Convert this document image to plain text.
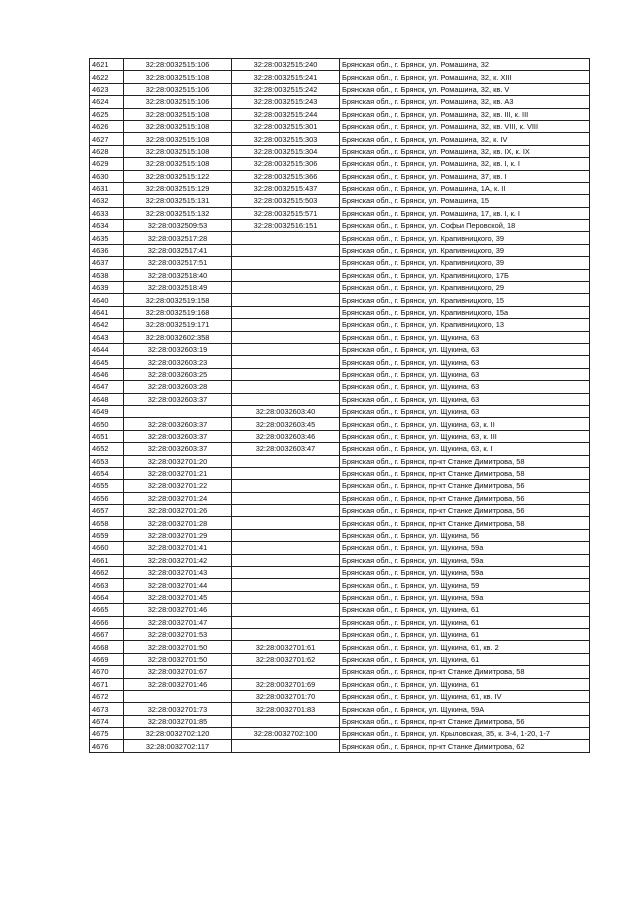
4621	32:28:0032515:106	32:28:0032515:240	Брянская обл., г. Брянск, ул. Ромашина, 32
4622	32:28:0032515:108	32:28:0032515:241	Брянская обл., г. Брянск, ул. Ромашина, 32, к. XIII
4623	32:28:0032515:106	32:28:0032515:242	Брянская обл., г. Брянск, ул. Ромашина, 32, кв. V
4624	32:28:0032515:106	32:28:0032515:243	Брянская обл., г. Брянск, ул. Ромашина, 32, кв. A3
4625	32:28:0032515:108	32:28:0032515:244	Брянская обл., г. Брянск, ул. Ромашина, 32, кв. III, к. III
4626	32:28:0032515:108	32:28:0032515:301	Брянская обл., г. Брянск, ул. Ромашина, 32, кв. VIII, к. VIII
4627	32:28:0032515:108	32:28:0032515:303	Брянская обл., г. Брянск, ул. Ромашина, 32, к. IV
4628	32:28:0032515:108	32:28:0032515:304	Брянская обл., г. Брянск, ул. Ромашина, 32, кв. IX, к. IX
4629	32:28:0032515:108	32:28:0032515:306	Брянская обл., г. Брянск, ул. Ромашина, 32, кв. I, к. I
4630	32:28:0032515:122	32:28:0032515:366	Брянская обл., г. Брянск, ул. Ромашина, 37, кв. I
4631	32:28:0032515:129	32:28:0032515:437	Брянская обл., г. Брянск, ул. Ромашина, 1А, к. II
4632	32:28:0032515:131	32:28:0032515:503	Брянская обл., г. Брянск, ул. Ромашина, 15
4633	32:28:0032515:132	32:28:0032515:571	Брянская обл., г. Брянск, ул. Ромашина, 17, кв. I, к. I
4634	32:28:0032509:53	32:28:0032516:151	Брянская обл., г. Брянск, ул. Софьи Перовской, 18
4635	32:28:0032517:28		Брянская обл., г. Брянск, ул. Крапивницкого, 39
4636	32:28:0032517:41		Брянская обл., г. Брянск, ул. Крапивницкого, 39
4637	32:28:0032517:51		Брянская обл., г. Брянск, ул. Крапивницкого, 39
4638	32:28:0032518:40		Брянская обл., г. Брянск, ул. Крапивницкого, 17Б
4639	32:28:0032518:49		Брянская обл., г. Брянск, ул. Крапивницкого, 29
4640	32:28:0032519:158		Брянская обл., г. Брянск, ул. Крапивницкого, 15
4641	32:28:0032519:168		Брянская обл., г. Брянск, ул. Крапивницкого, 15а
4642	32:28:0032519:171		Брянская обл., г. Брянск, ул. Крапивницкого, 13
4643	32:28:0032602:358		Брянская обл., г. Брянск, ул. Щукина, 63
4644	32:28:0032603:19		Брянская обл., г. Брянск, ул. Щукина, 63
4645	32:28:0032603:23		Брянская обл., г. Брянск, ул. Щукина, 63
4646	32:28:0032603:25		Брянская обл., г. Брянск, ул. Щукина, 63
4647	32:28:0032603:28		Брянская обл., г. Брянск, ул. Щукина, 63
4648	32:28:0032603:37		Брянская обл., г. Брянск, ул. Щукина, 63
4649		32:28:0032603:40	Брянская обл., г. Брянск, ул. Щукина, 63
4650	32:28:0032603:37	32:28:0032603:45	Брянская обл., г. Брянск, ул. Щукина, 63, к. II
4651	32:28:0032603:37	32:28:0032603:46	Брянская обл., г. Брянск, ул. Щукина, 63, к. III
4652	32:28:0032603:37	32:28:0032603:47	Брянская обл., г. Брянск, ул. Щукина, 63, к. I
4653	32:28:0032701:20		Брянская обл., г. Брянск, пр-кт Станке Димитрова, 58
4654	32:28:0032701:21		Брянская обл., г. Брянск, пр-кт Станке Димитрова, 58
4655	32:28:0032701:22		Брянская обл., г. Брянск, пр-кт Станке Димитрова, 56
4656	32:28:0032701:24		Брянская обл., г. Брянск, пр-кт Станке Димитрова, 56
4657	32:28:0032701:26		Брянская обл., г. Брянск, пр-кт Станке Димитрова, 56
4658	32:28:0032701:28		Брянская обл., г. Брянск, пр-кт Станке Димитрова, 58
4659	32:28:0032701:29		Брянская обл., г. Брянск, ул. Щукина, 56
4660	32:28:0032701:41		Брянская обл., г. Брянск, ул. Щукина, 59а
4661	32:28:0032701:42		Брянская обл., г. Брянск, ул. Щукина, 59а
4662	32:28:0032701:43		Брянская обл., г. Брянск, ул. Щукина, 59а
4663	32:28:0032701:44		Брянская обл., г. Брянск, ул. Щукина, 59
4664	32:28:0032701:45		Брянская обл., г. Брянск, ул. Щукина, 59а
4665	32:28:0032701:46		Брянская обл., г. Брянск, ул. Щукина, 61
4666	32:28:0032701:47		Брянская обл., г. Брянск, ул. Щукина, 61
4667	32:28:0032701:53		Брянская обл., г. Брянск, ул. Щукина, 61
4668	32:28:0032701:50	32:28:0032701:61	Брянская обл., г. Брянск, ул. Щукина, 61, кв. 2
4669	32:28:0032701:50	32:28:0032701:62	Брянская обл., г. Брянск, ул. Щукина, 61
4670	32:28:0032701:67		Брянская обл., г. Брянск, пр-кт Станке Димитрова, 58
4671	32:28:0032701:46	32:28:0032701:69	Брянская обл., г. Брянск, ул. Щукина, 61
4672		32:28:0032701:70	Брянская обл., г. Брянск, ул. Щукина, 61, кв. IV
4673	32:28:0032701:73	32:28:0032701:83	Брянская обл., г. Брянск, ул. Щукина, 59А
4674	32:28:0032701:85		Брянская обл., г. Брянск, пр-кт Станке Димитрова, 56
4675	32:28:0032702:120	32:28:0032702:100	Брянская обл., г. Брянск, ул. Крыловская, 35, к. 3-4, 1-20, 1-7
4676	32:28:0032702:117		Брянская обл., г. Брянск, пр-кт Станке Димитрова, 62
